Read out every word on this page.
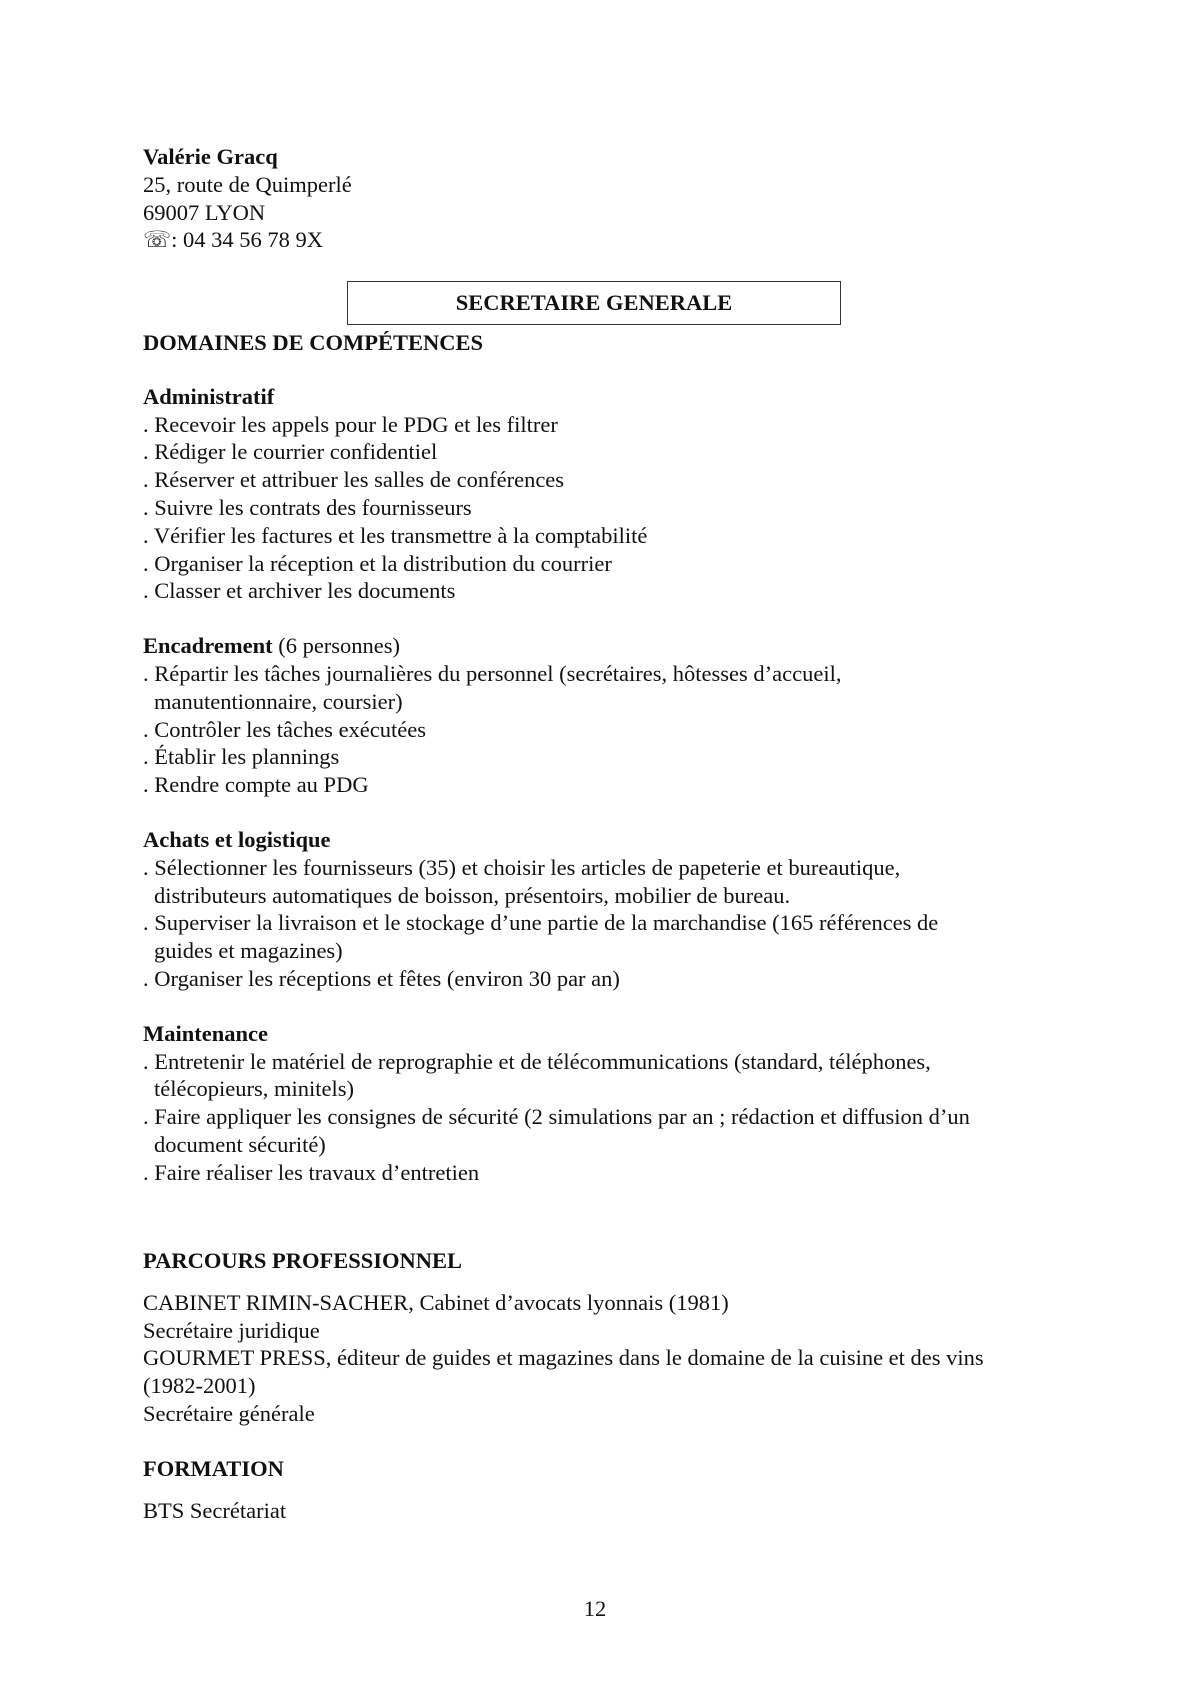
Valérie Gracq
25, route de Quimperlé
69007 LYON
☏: 04 34 56 78 9X
SECRETAIRE GENERALE
DOMAINES DE COMPÉTENCES
Administratif
. Recevoir les appels pour le PDG et les filtrer
. Rédiger le courrier confidentiel
. Réserver et attribuer les salles de conférences
. Suivre les contrats des fournisseurs
. Vérifier les factures et les transmettre à la comptabilité
. Organiser la réception et la distribution du courrier
. Classer et archiver les documents
Encadrement (6 personnes)
. Répartir les tâches journalières du personnel (secrétaires, hôtesses d’accueil,
manutentionnaire, coursier)
. Contrôler les tâches exécutées
. Établir les plannings
. Rendre compte au PDG
Achats et logistique
. Sélectionner les fournisseurs (35) et choisir les articles de papeterie et bureautique,
distributeurs automatiques de boisson, présentoirs, mobilier de bureau.
. Superviser la livraison et le stockage d’une partie de la marchandise (165 références de
guides et magazines)
. Organiser les réceptions et fêtes (environ 30 par an)
Maintenance
. Entretenir le matériel de reprographie et de télécommunications (standard, téléphones,
télécopieurs, minitels)
. Faire appliquer les consignes de sécurité (2 simulations par an ; rédaction et diffusion d’un
document sécurité)
. Faire réaliser les travaux d’entretien
PARCOURS PROFESSIONNEL
CABINET RIMIN-SACHER, Cabinet d’avocats lyonnais (1981)
Secrétaire juridique
GOURMET PRESS, éditeur de guides et magazines dans le domaine de la cuisine et des vins
(1982-2001)
Secrétaire générale
FORMATION
BTS Secrétariat
12
